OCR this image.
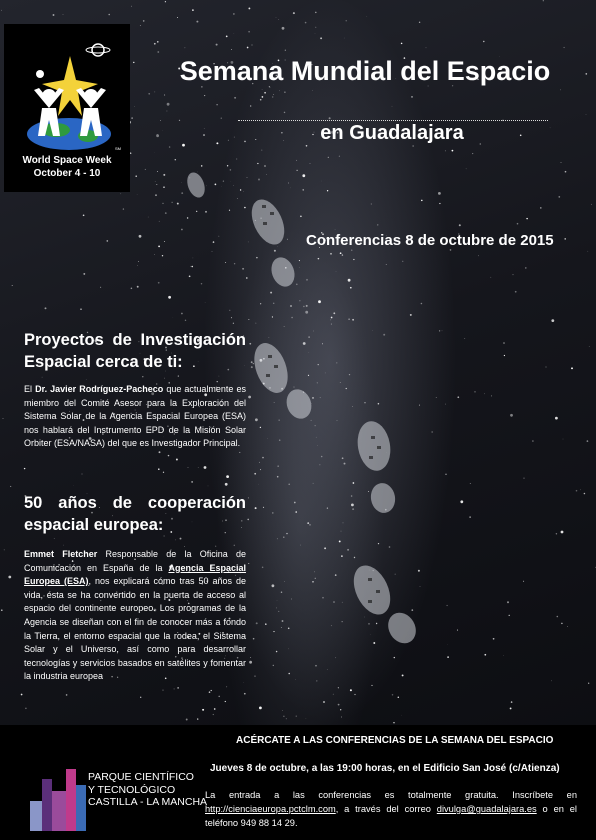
SM
World Space Week
October 4 - 10
Semana Mundial del Espacio
en Guadalajara
Conferencias 8 de octubre de 2015
Proyectos de Investigación
Espacial cerca de ti:
El Dr. Javier Rodríguez-Pacheco que actualmente es miembro del Comité Asesor para la Exploración del Sistema Solar de la Agencia Espacial Europea (ESA) nos hablará del Instrumento EPD de la Misión Solar Orbiter (ESA/NASA) del que es Investigador Principal.
50 años de cooperación
espacial europea:
Emmet Fletcher Responsable de la Oficina de Comunicación en España de la Agencia Espacial Europea (ESA), nos explicará cómo tras 50 años de vida, ésta se ha convertido en la puerta de acceso al espacio del continente europeo. Los programas de la Agencia se diseñan con el fin de conocer más a fondo la Tierra, el entorno espacial que la rodea, el Sistema Solar y el Universo, así como para desarrollar tecnologías y servicios basados en satélites y fomentar la industria europea
ACÉRCATE A LAS CONFERENCIAS DE LA SEMANA DEL ESPACIO
Jueves 8 de octubre, a las 19:00 horas, en el Edificio San José (c/Atienza)
La entrada a las conferencias es totalmente gratuita. Inscríbete en http://cienciaeuropa.pctclm.com, a través del correo divulga@guadalajara.es o en el teléfono 949 88 14 29.
PARQUE CIENTÍFICO
Y TECNOLÓGICO
CASTILLA - LA MANCHA
